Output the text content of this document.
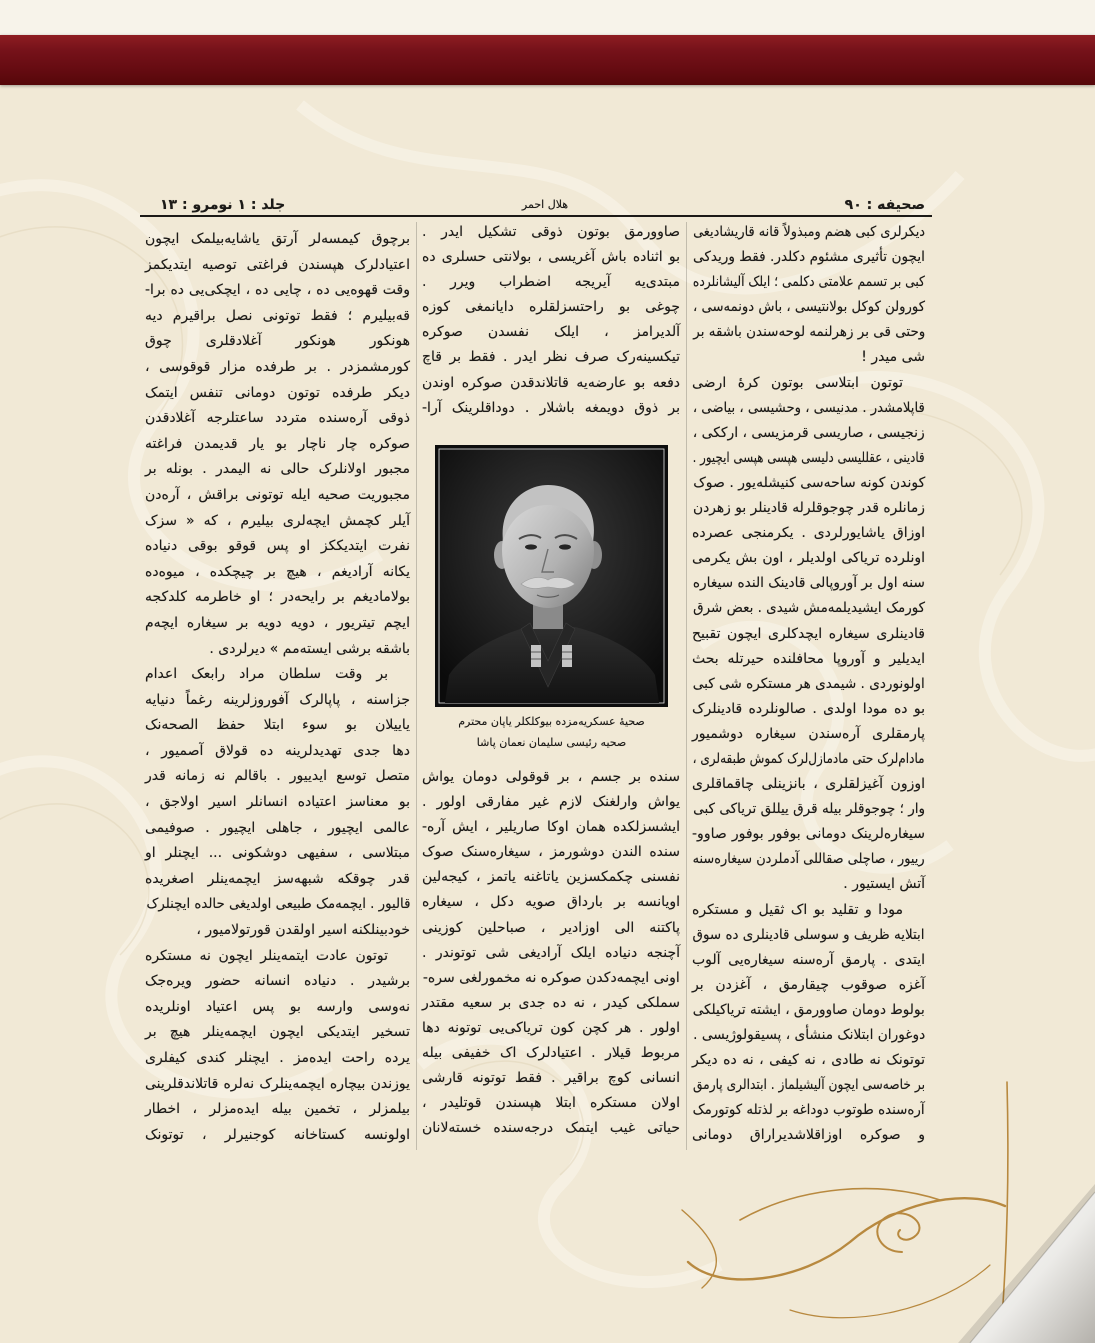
صحیفه : ٩٠
هلال احمر
جلد : ١ نومرو : ١٣
دیکرلری کبی هضم ومبذولاً قانه قاریشادیغی
ایچون تأثیری مشئوم دکلدر. فقط وریدکی
کبی بر تسمم علامتی دکلمی ؛ ایلک آلیشانلرده
کورولن کوکل بولانتیسی ، باش دونمه‌سی ،
وحتی قی بر زهرلنمه لوحه‌سندن باشقه بر
شی میدر !
توتون ابتلاسی بوتون کرهٔ ارضی
قاپلامشدر . مدنیسی ، وحشیسی ، بیاضی ،
زنجیسی ، صاریسی قرمزیسی ، ارککی ،
قادینی ، عقللیسی دلیسی هپسی هپسی ایچیور .
کوندن کونه ساحه‌سی کنیشله‌یور . صوک
زمانلره قدر چوجوقلرله قادینلر بو زهردن
اوزاق یاشایورلردی . یکرمنجی عصرده
اونلرده تریاکی اولدیلر ، اون بش یکرمی
سنه اول بر آوروپالی قادینک النده سیغاره
کورمک ایشیدیلمه‌مش شیدی . بعض شرق
قادینلری سیغاره ایچدکلری ایچون تقبیح
ایدیلیر و آوروپا محافلنده حیرتله بحث
اولونوردی . شیمدی هر مستکره شی کبی
بو ده مودا اولدی . صالونلرده قادینلرک
پارمقلری آره‌سندن سیغاره دوشمیور
مادام‌لرک حتی مادمازل‌لرک کموش طبقه‌لری ،
اوزون آغیزلقلری ، بانزینلی چاقماقلری
وار ؛ چوجوقلر بیله قرق ییللق تریاکی کبی
سیغاره‌لرینک دومانی بوفور بوفور صاوو-
رییور ، صاچلی صقاللی آدملردن سیغاره‌سنه
آتش ایستیور .
مودا و تقلید بو اک ثقیل و مستکره
ابتلایه ظریف و سوسلی قادینلری ده سوق
ایتدی . پارمق آره‌سنه سیغاره‌یی آلوب
آغزه صوقوب چیقارمق ، آغزدن بر
بولوط دومان صاوورمق ، ایشته تریاکیلکی
دوغوران ابتلانک منشأی ، پسیقولوژیسی .
توتونک نه طادی ، نه کیفی ، نه ده دیکر
بر خاصه‌سی ایچون آلیشیلماز . ابتدالری پارمق
آره‌سنده طوتوب دوداغه بر لذتله کوتورمک
و صوکره اوزاقلاشدیراراق دومانی
صاوورمق بوتون ذوقی تشکیل ایدر .
بو اثناده باش آغریسی ، بولانتی حسلری ده
مبتدی‌یه آیریجه اضطراب ویرر .
چوغی بو راحتسزلقلره دایانمغی کوزه
آلدیرامز ، ایلک نفسدن صوکره
تیکسینه‌رک صرف نظر ایدر . فقط بر قاچ
دفعه بو عارضه‌یه قاتلاندقدن صوکره اوندن
بر ذوق دویمغه باشلار . دوداقلرینک آرا-
سنده بر جسم ، بر قوقولی دومان یواش
یواش وارلغنک لازم غیر مفارقی اولور .
ایشسزلکده همان اوکا صاریلیر ، ایش آره‌-
سنده الندن دوشورمز ، سیغاره‌سنک صوک
نفسنی چکمکسزین یاتاغنه یاتمز ، کیجه‌لین
اویانسه بر بارداق صویه دکل ، سیغاره
پاکتنه الی اوزادیر ، صباحلین کوزینی
آچنجه دنیاده ایلک آرادیغی شی توتوندر .
اونی ایچمه‌دکدن صوکره نه مخمورلغی سره-
سملکی کیدر ، نه ده جدی بر سعیه مقتدر
اولور . هر کچن کون تریاکی‌یی توتونه دها
مربوط قیلار . اعتیادلرک اک خفیفی بیله
انسانی کوچ براقیر . فقط توتونه قارشی
اولان مستکره ابتلا هپسندن قوتلیدر ،
حیاتی غیب ایتمک درجه‌سنده خسته‌لانان
برچوق کیمسه‌لر آرتق یاشایه‌بیلمک ایچون
اعتیادلرک هپسندن فراغتی توصیه ایتدیکمز
وقت قهوه‌یی ده ، چایی ده ، ایچکی‌یی ده برا-
قه‌بیلیرم ؛ فقط توتونی نصل براقیرم دیه
هونکور هونکور آغلادقلری چوق
کورمشمزدر . بر طرفده مزار قوقوسی ،
دیکر طرفده توتون دومانی تنفس ایتمک
ذوقی آره‌سنده متردد ساعتلرجه آغلادقدن
صوکره چار ناچار بو یار قدیمدن فراغته
مجبور اولانلرک حالی نه الیمدر . بونله بر
مجبوریت صحیه ایله توتونی براقش ، آره‌دن
آیلر کچمش ایچه‌لری بیلیرم ، که « سزک
نفرت ایتدیککز او پس قوقو بوقی دنیاده
یکانه آرادیغم ، هیچ بر چیچکده ، میوه‌ده
بولامادیغم بر رایحه‌در ؛ او خاطرمه کلدکجه
ایچم تیتریور ، دویه دویه بر سیغاره ایچه‌م
باشقه برشی ایسته‌مم » دیرلردی .
بر وقت سلطان مراد رابعک اعدام
جزاسنه ، پاپالرک آفوروزلرینه رغماً دنیایه
یاییلان بو سوء ابتلا حفظ الصحه‌نک
دها جدی تهدیدلرینه ده قولاق آصمیور ،
متصل توسع ایدییور . باقالم نه زمانه قدر
بو معناسز اعتیاده انسانلر اسیر اولاجق ،
عالمی ایچیور ، جاهلی ایچیور . صوفیمی
مبتلاسی ، سفیهی دوشکونی ... ایچنلر او
قدر چوقکه شبهه‌سز ایچمه‌ینلر اصغریده
قالیور . ایچمه‌مک طبیعی اولدیغی حالده ایچنلرک
خودبینلکنه اسیر اولقدن قورتولامیور ،
توتون عادت ایتمه‌ینلر ایچون نه مستکره
برشیدر . دنیاده انسانه حضور ویره‌جک
نه‌وسی وارسه بو پس اعتیاد اونلریده
تسخیر ایتدیکی ایچون ایچمه‌ینلر هیچ بر
یرده راحت ایده‌مز . ایچنلر کندی کیفلری
یوزندن بیچاره ایچمه‌ینلرک نه‌لره قاتلاندقلرینی
بیلمزلر ، تخمین بیله ایده‌مزلر ، اخطار
اولونسه کستاخانه کوجنیرلر ، توتونک
صحیهٔ عسکریه‌مزده بیوکلکلر یاپان محترم
صحیه رئیسی سلیمان نعمان پاشا
